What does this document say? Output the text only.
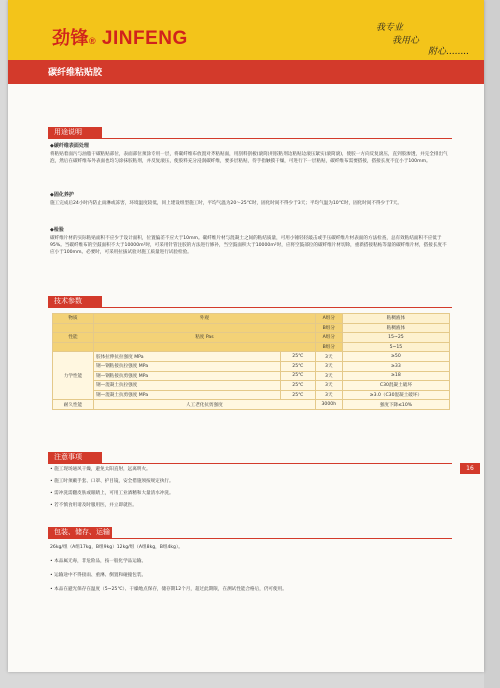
劲锋® JINFENG	我专业
我用心
附心........
碳纤维粘贴胶
用途说明
◆碳纤维表面处理
将粘贴着面污与油脂干碳粘贴部位，表面部位须涂专用一层，将碳纤维布放置对齐粘贴面，用刮料刮板(滚筒)用胶粘剂边粘贴边滚压紧实(滚筒滚)，使胶一方向反复滚压，直到胶渗透，并完全排出气泡，然后在碳纤维布外表面也均匀涂抹胶粘剂，并反复滚压，使胶料充分浸润碳纤维，要多层粘贴，待手指触摸干燥，可进行下一层粘贴，碳纤维布需要搭接，搭接长度不宜小于100mm。
◆固化养护
施工完成后24小时内防止雨淋或冻害，环境温度较低，同上建设组型施工时，平均气温为20～25℃时，固化时间不得少于3天；平均气温为10℃时，固化时间不得少于7天。
◆检验
碳纤维片材的实际粘贴面积不应少于设计面积，位置偏差不应大于10mm。碳纤维片材与混凝土之间的粘结质量，可用小锤轻轻敲击或手压碳纤维片材表面的方法检查，总有效粘结面积不应低于95%。当碳纤维布的空鼓面积不大于10000m²时，可采用针管注胶的方法进行修补，当空鼓面积大于10000m²时，应将空鼓部位的碳纤维片材切除，重新搭接粘帖等量的碳纤维片材，搭接长度不应小于100mm。必要时，可采用拉拔试验对施工质量进行试验检验。
技术参数
物质	外观		A组分	粘稠液体
			B组分	粘稠液体
性能	粘度 Pas		A组分	15~25
			B组分	5~15
力学性能	胶体拉伸抗拉强度 MPa	25℃	3天	≥50
	钢—钢粘接抗拉强度 MPa	25℃	3天	≥33
	钢—钢粘接抗剪强度 MPa	25℃	3天	≥18
	钢—混凝土抗拉强度	25℃	3天	C30混凝土破坏
	钢—混凝土抗剪强度 MPa	25℃	3天	≥3.0（C30混凝土破坏）
耐久性能	人工老化抗剪强度		3000h	强度下降≤10%
注意事项
• 施工现场通风干燥，避免太阳直射，远离明火。
• 施工时须戴手套、口罩、护目镜，安全措施须按规定执行。
• 需冲洗需翻皮肤或眼睛上，可用工业酒精和大量清水冲洗。
• 若不慎食用请及时服用医，并立即就医。
包装、储存、运输
26kg/组（A组17kg，B组9kg）12kg/组（A组8kg，B组4kg）。
• 本品属无毒，非危险品，按一般化学品运输。
• 运输途中不得接雨、重淋、倒置和碰撞包装。
• 本品在避光保存在温度（5~25℃）、干燥地点保存，储存期12个月，超过此期限，在测试性能合格后，仍可使用。
16
